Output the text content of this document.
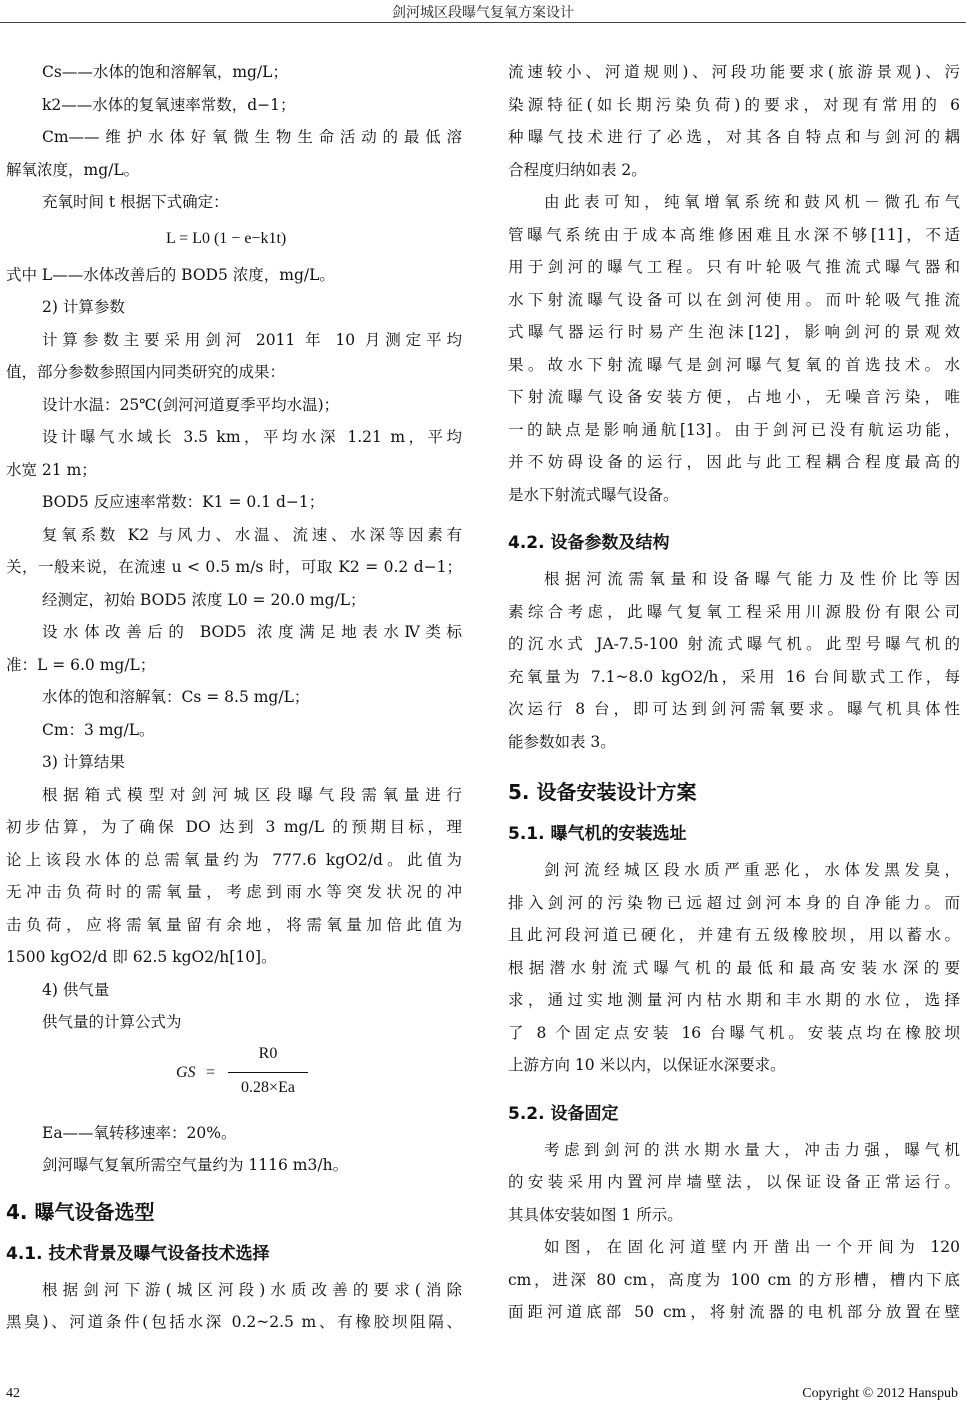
剑河城区段曝气复氧方案设计
Cs——水体的饱和溶解氧，mg/L；
k2——水体的复氧速率常数，d−1；
Cm——维护水体好氧微生物生命活动的最低溶
解氧浓度，mg/L。
充氧时间 t 根据下式确定：
L = L0 (1 − e−k1t)
式中 L——水体改善后的 BOD5 浓度，mg/L。
2) 计算参数
计算参数主要采用剑河 2011 年 10 月测定平均
值，部分参数参照国内同类研究的成果：
设计水温：25℃(剑河河道夏季平均水温)；
设计曝气水域长 3.5 km，平均水深 1.21 m，平均
水宽 21 m；
BOD5 反应速率常数：K1 = 0.1 d−1；
复氧系数 K2 与风力、水温、流速、水深等因素有
关，一般来说，在流速 u < 0.5 m/s 时，可取 K2 = 0.2 d−1；
经测定，初始 BOD5 浓度 L0 = 20.0 mg/L；
设水体改善后的 BOD5 浓度满足地表水Ⅳ类标
准：L = 6.0 mg/L；
水体的饱和溶解氧：Cs = 8.5 mg/L；
Cm：3 mg/L。
3) 计算结果
根据箱式模型对剑河城区段曝气段需氧量进行
初步估算，为了确保 DO 达到 3 mg/L 的预期目标，理
论上该段水体的总需氧量约为 777.6 kgO2/d。此值为
无冲击负荷时的需氧量，考虑到雨水等突发状况的冲
击负荷，应将需氧量留有余地，将需氧量加倍此值为
1500 kgO2/d 即 62.5 kgO2/h[10]。
4) 供气量
供气量的计算公式为
GS =
R0
0.28×Ea
Ea——氧转移速率：20%。
剑河曝气复氧所需空气量约为 1116 m3/h。
4. 曝气设备选型
4.1. 技术背景及曝气设备技术选择
根据剑河下游(城区河段)水质改善的要求(消除
黑臭)、河道条件(包括水深 0.2~2.5 m、有橡胶坝阻隔、
流速较小、河道规则)、河段功能要求(旅游景观)、污
染源特征(如长期污染负荷)的要求，对现有常用的 6
种曝气技术进行了必选，对其各自特点和与剑河的耦
合程度归纳如表 2。
由此表可知，纯氧增氧系统和鼓风机－微孔布气
管曝气系统由于成本高维修困难且水深不够[11]，不适
用于剑河的曝气工程。只有叶轮吸气推流式曝气器和
水下射流曝气设备可以在剑河使用。而叶轮吸气推流
式曝气器运行时易产生泡沫[12]，影响剑河的景观效
果。故水下射流曝气是剑河曝气复氧的首选技术。水
下射流曝气设备安装方便，占地小，无噪音污染，唯
一的缺点是影响通航[13]。由于剑河已没有航运功能，
并不妨碍设备的运行，因此与此工程耦合程度最高的
是水下射流式曝气设备。
4.2. 设备参数及结构
根据河流需氧量和设备曝气能力及性价比等因
素综合考虑，此曝气复氧工程采用川源股份有限公司
的沉水式 JA-7.5-100 射流式曝气机。此型号曝气机的
充氧量为 7.1~8.0 kgO2/h，采用 16 台间歇式工作，每
次运行 8 台，即可达到剑河需氧要求。曝气机具体性
能参数如表 3。
5. 设备安装设计方案
5.1. 曝气机的安装选址
剑河流经城区段水质严重恶化，水体发黑发臭，
排入剑河的污染物已远超过剑河本身的自净能力。而
且此河段河道已硬化，并建有五级橡胶坝，用以蓄水。
根据潜水射流式曝气机的最低和最高安装水深的要
求，通过实地测量河内枯水期和丰水期的水位，选择
了 8 个固定点安装 16 台曝气机。安装点均在橡胶坝
上游方向 10 米以内，以保证水深要求。
5.2. 设备固定
考虑到剑河的洪水期水量大，冲击力强，曝气机
的安装采用内置河岸墙壁法，以保证设备正常运行。
其具体安装如图 1 所示。
如图，在固化河道壁内开凿出一个开间为 120
cm，进深 80 cm，高度为 100 cm 的方形槽，槽内下底
面距河道底部 50 cm，将射流器的电机部分放置在壁
42	Copyright © 2012 Hanspub
